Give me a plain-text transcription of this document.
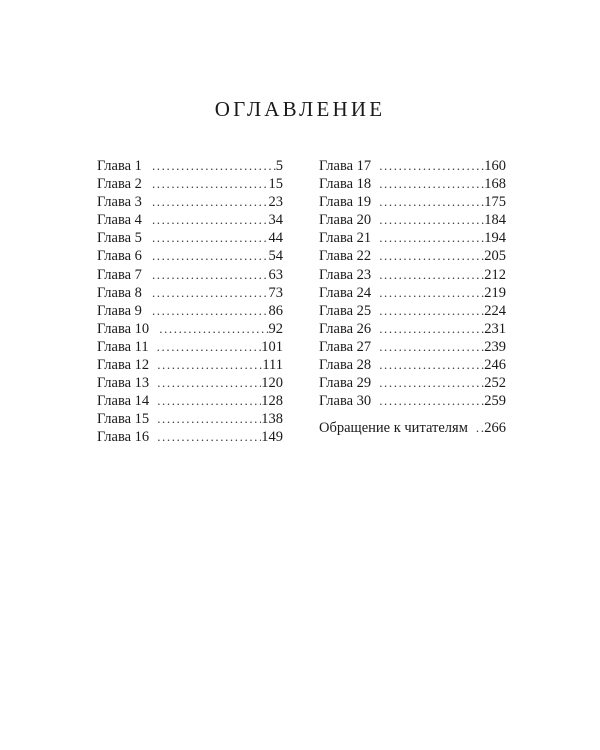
ОГЛАВЛЕНИЕ
Глава 1 .....	5
Глава 2 .....	15
Глава 3 .....	23
Глава 4 .....	34
Глава 5 .....	44
Глава 6 .....	54
Глава 7 .....	63
Глава 8 .....	73
Глава 9 .....	86
Глава 10 .....	92
Глава 11 .....	101
Глава 12 .....	111
Глава 13 .....	120
Глава 14 .....	128
Глава 15 .....	138
Глава 16 .....	149
Глава 17 .....	160
Глава 18 .....	168
Глава 19 .....	175
Глава 20 .....	184
Глава 21 .....	194
Глава 22 .....	205
Глава 23 .....	212
Глава 24 .....	219
Глава 25 .....	224
Глава 26 .....	231
Глава 27 .....	239
Глава 28 .....	246
Глава 29 .....	252
Глава 30 .....	259
Обращение к читателям ..... 266
